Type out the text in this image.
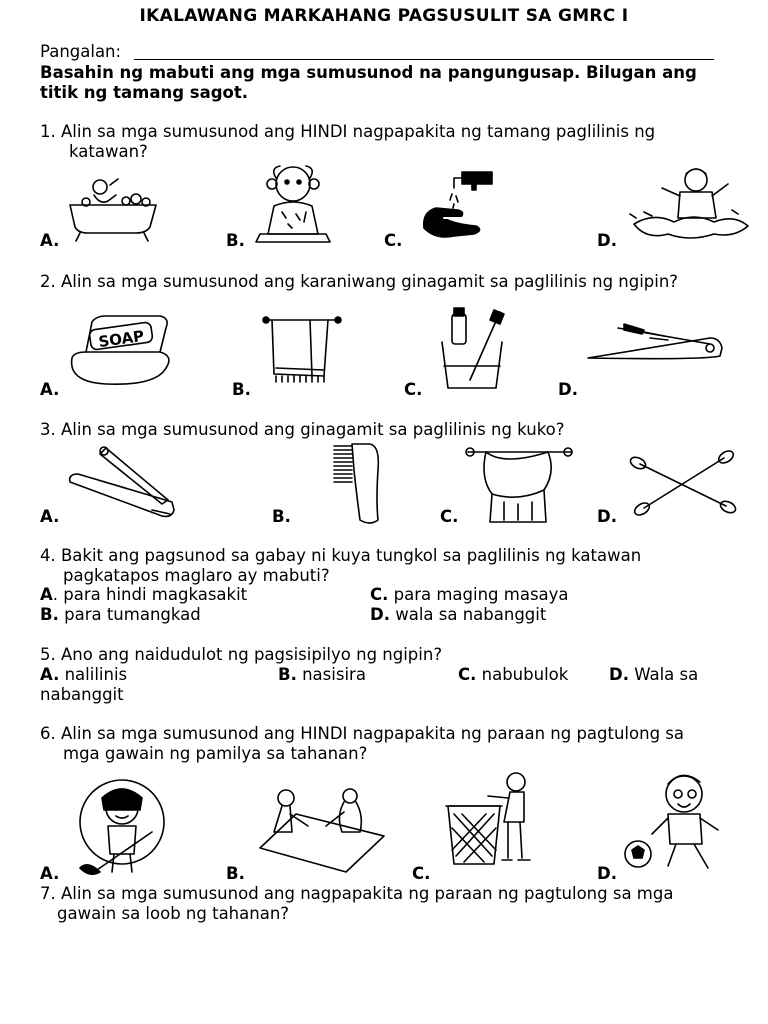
IKALAWANG MARKAHANG PAGSUSULIT SA GMRC I
Pangalan:
Basahin ng mabuti ang mga sumusunod na pangungusap. Bilugan ang
titik ng tamang sagot.
1. Alin sa mga sumusunod ang HINDI nagpapakita ng tamang paglilinis ng
katawan?
A.	B.	C.	D.
2. Alin sa mga sumusunod ang karaniwang ginagamit sa paglilinis ng ngipin?
A.	B.	C.	D.
SOAP
3. Alin sa mga sumusunod ang ginagamit sa paglilinis ng kuko?
A.	B.	C.	D.
4. Bakit ang pagsunod sa gabay ni kuya tungkol sa paglilinis ng katawan
pagkatapos maglaro ay mabuti?
A. para hindi magkasakit	C. para maging masaya
B. para tumangkad	D. wala sa nabanggit
5. Ano ang naidudulot ng pagsisipilyo ng ngipin?
A. nalilinis	B. nasisira	C. nabubulok D. Wala sa
nabanggit
6. Alin sa mga sumusunod ang HINDI nagpapakita ng paraan ng pagtulong sa
mga gawain ng pamilya sa tahanan?
A.	B.	C.	D.
7. Alin sa mga sumusunod ang nagpapakita ng paraan ng pagtulong sa mga
gawain sa loob ng tahanan?
